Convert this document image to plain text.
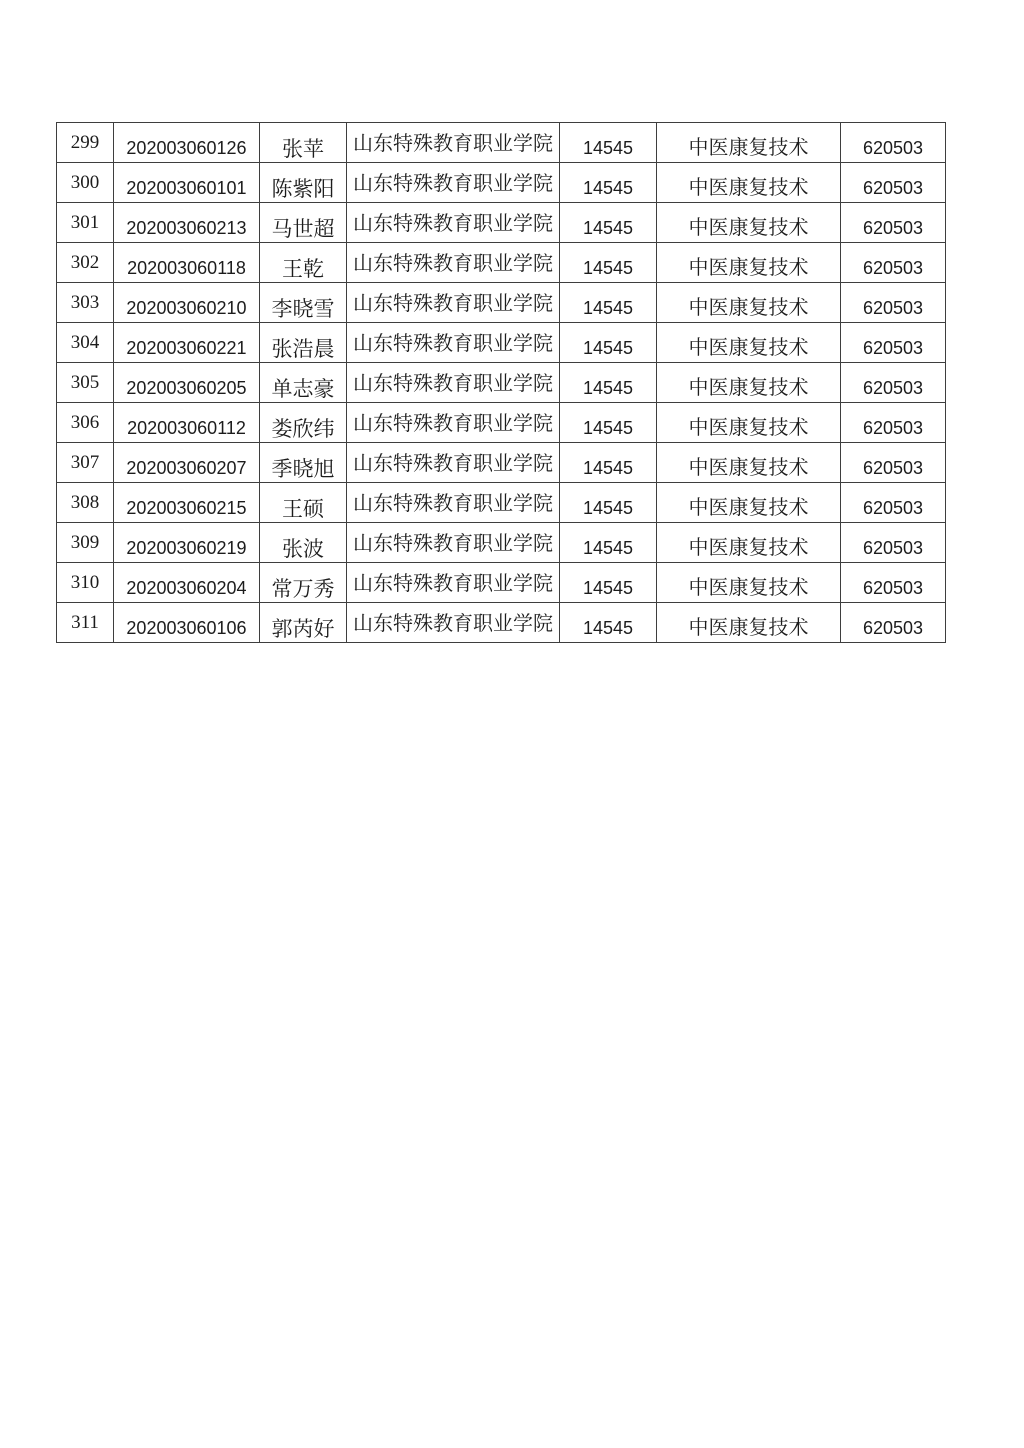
299	202003060126	张苹	山东特殊教育职业学院	14545	中医康复技术	620503

300	202003060101	陈紫阳	山东特殊教育职业学院	14545	中医康复技术	620503

301	202003060213	马世超	山东特殊教育职业学院	14545	中医康复技术	620503

302	202003060118	王乾	山东特殊教育职业学院	14545	中医康复技术	620503

303	202003060210	李晓雪	山东特殊教育职业学院	14545	中医康复技术	620503

304	202003060221	张浩晨	山东特殊教育职业学院	14545	中医康复技术	620503

305	202003060205	单志豪	山东特殊教育职业学院	14545	中医康复技术	620503

306	202003060112	娄欣纬	山东特殊教育职业学院	14545	中医康复技术	620503

307	202003060207	季晓旭	山东特殊教育职业学院	14545	中医康复技术	620503

308	202003060215	王硕	山东特殊教育职业学院	14545	中医康复技术	620503

309	202003060219	张波	山东特殊教育职业学院	14545	中医康复技术	620503

310	202003060204	常万秀	山东特殊教育职业学院	14545	中医康复技术	620503

311	202003060106	郭芮好	山东特殊教育职业学院	14545	中医康复技术	620503
